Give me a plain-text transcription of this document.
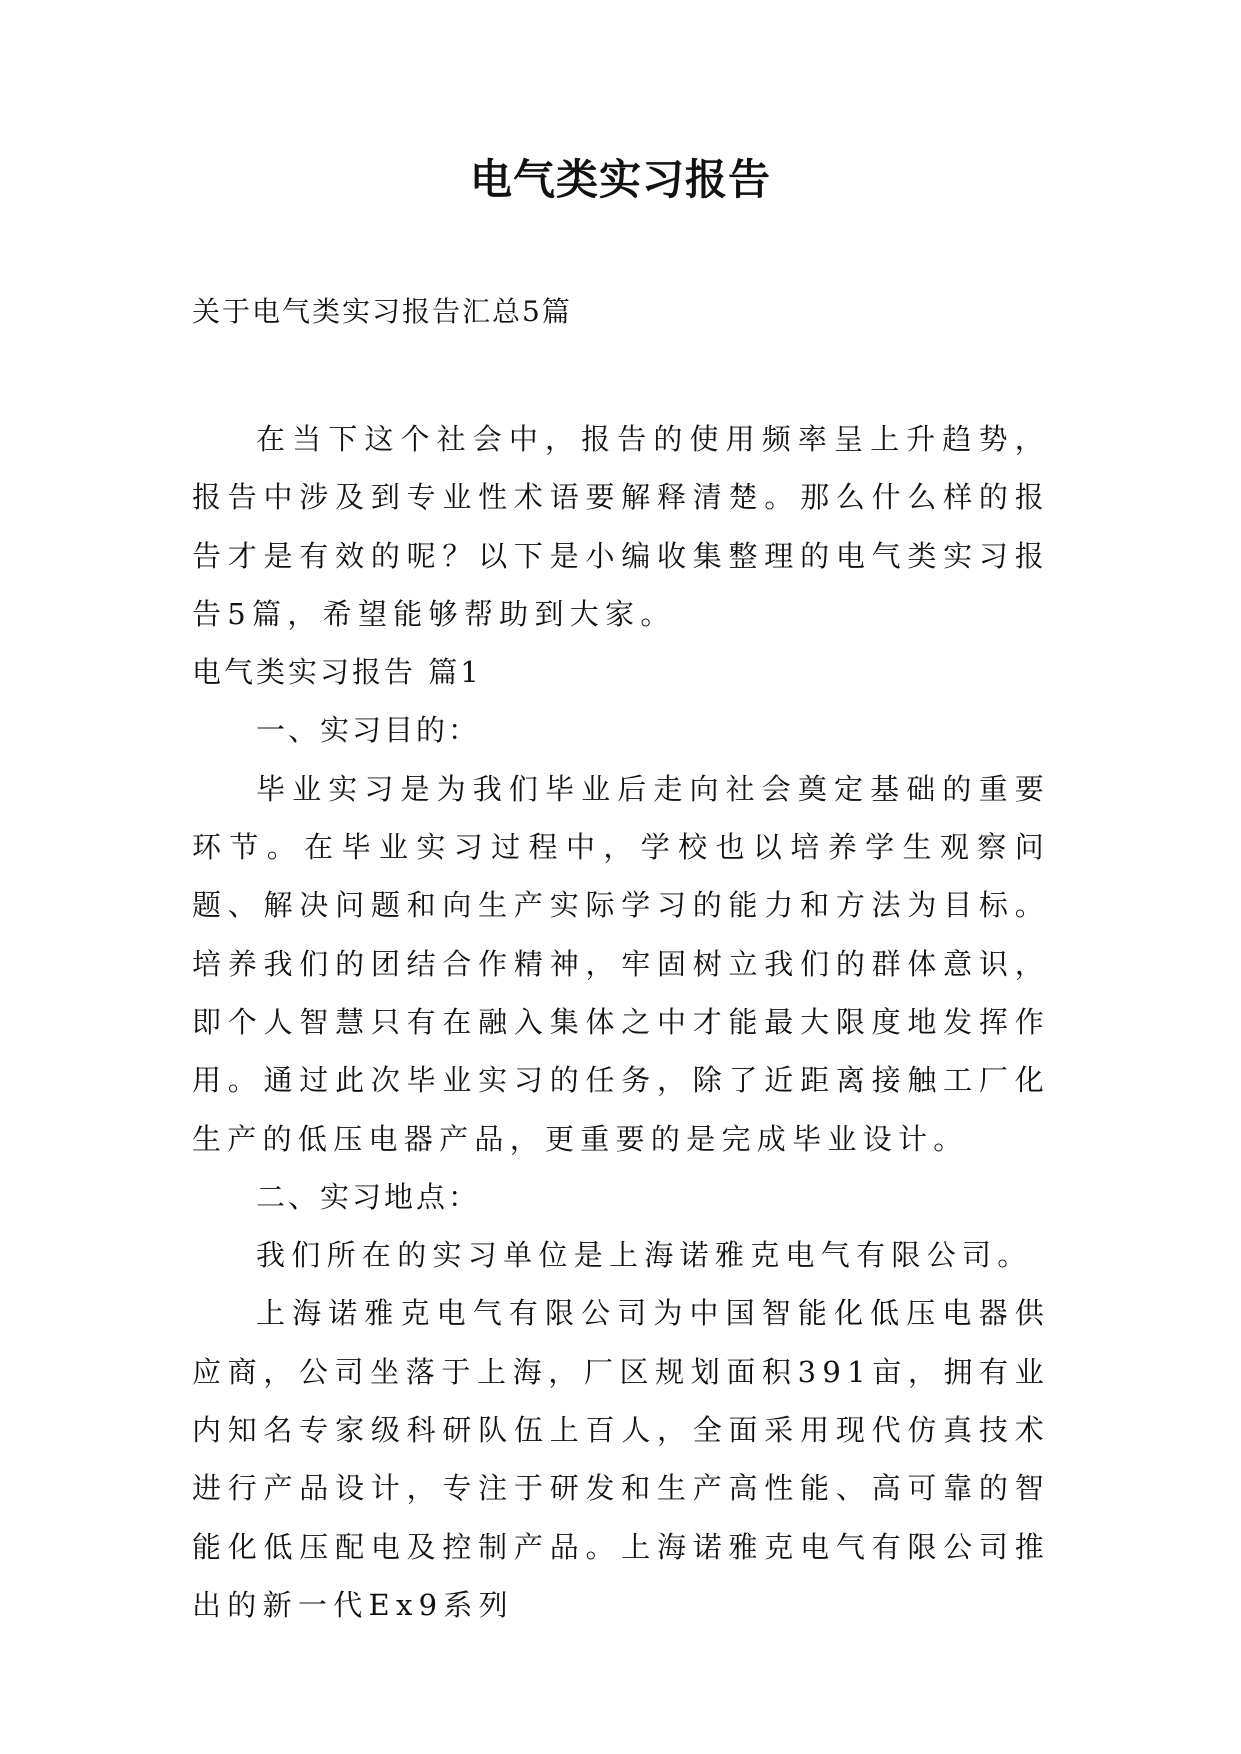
电气类实习报告
关于电气类实习报告汇总5篇

在当下这个社会中，报告的使用频率呈上升趋势，报告中涉及到专业性术语要解释清楚。那么什么样的报告才是有效的呢？以下是小编收集整理的电气类实习报告5篇，希望能够帮助到大家。

电气类实习报告 篇1

一、实习目的：

毕业实习是为我们毕业后走向社会奠定基础的重要环节。在毕业实习过程中，学校也以培养学生观察问题、解决问题和向生产实际学习的能力和方法为目标。培养我们的团结合作精神，牢固树立我们的群体意识，即个人智慧只有在融入集体之中才能最大限度地发挥作用。通过此次毕业实习的任务，除了近距离接触工厂化生产的低压电器产品，更重要的是完成毕业设计。

二、实习地点：

我们所在的实习单位是上海诺雅克电气有限公司。

上海诺雅克电气有限公司为中国智能化低压电器供应商，公司坐落于上海，厂区规划面积391亩，拥有业内知名专家级科研队伍上百人，全面采用现代仿真技术进行产品设计，专注于研发和生产高性能、高可靠的智能化低压配电及控制产品。上海诺雅克电气有限公司推出的新一代Ex9系列
